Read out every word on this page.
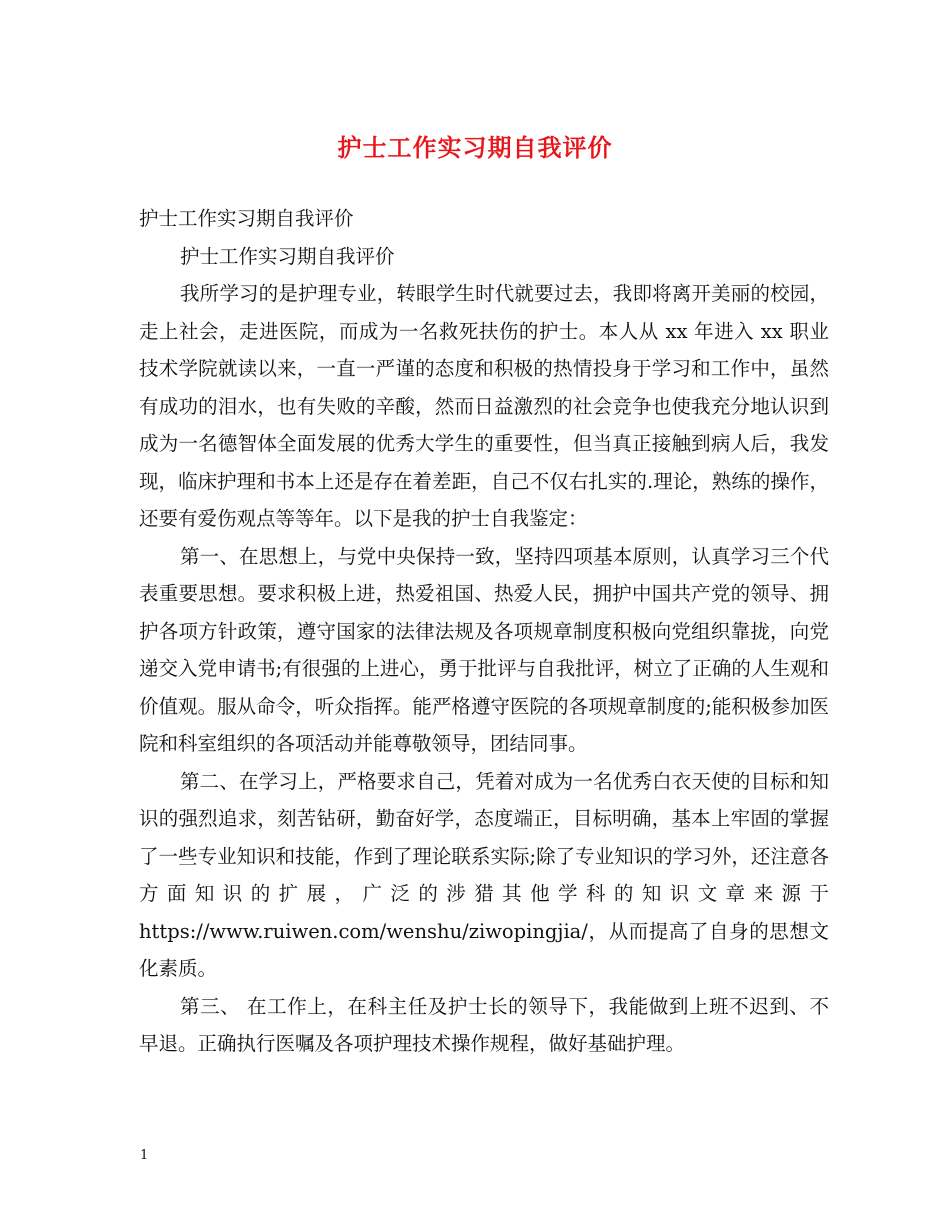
护士工作实习期自我评价

护士工作实习期自我评价

护士工作实习期自我评价

我所学习的是护理专业，转眼学生时代就要过去，我即将离开美丽的校园，走上社会，走进医院，而成为一名救死扶伤的护士。本人从 xx 年进入 xx 职业技术学院就读以来，一直一严谨的态度和积极的热情投身于学习和工作中，虽然有成功的泪水，也有失败的辛酸，然而日益激烈的社会竞争也使我充分地认识到成为一名德智体全面发展的优秀大学生的重要性，但当真正接触到病人后，我发现，临床护理和书本上还是存在着差距，自己不仅右扎实的.理论，熟练的操作，还要有爱伤观点等等年。以下是我的护士自我鉴定：

第一、在思想上，与党中央保持一致，坚持四项基本原则，认真学习三个代表重要思想。要求积极上进，热爱祖国、热爱人民，拥护中国共产党的领导、拥护各项方针政策，遵守国家的法律法规及各项规章制度积极向党组织靠拢，向党递交入党申请书;有很强的上进心，勇于批评与自我批评，树立了正确的人生观和价值观。服从命令，听众指挥。能严格遵守医院的各项规章制度的;能积极参加医院和科室组织的各项活动并能尊敬领导，团结同事。

第二、在学习上，严格要求自己，凭着对成为一名优秀白衣天使的目标和知识的强烈追求，刻苦钻研，勤奋好学，态度端正，目标明确，基本上牢固的掌握了一些专业知识和技能，作到了理论联系实际;除了专业知识的学习外，还注意各方面知识的扩展，广泛的涉猎其他学科的知识文章来源于 https://www.ruiwen.com/wenshu/ziwopingjia/，从而提高了自身的思想文化素质。

第三、 在工作上，在科主任及护士长的领导下，我能做到上班不迟到、不早退。正确执行医嘱及各项护理技术操作规程，做好基础护理。

1
